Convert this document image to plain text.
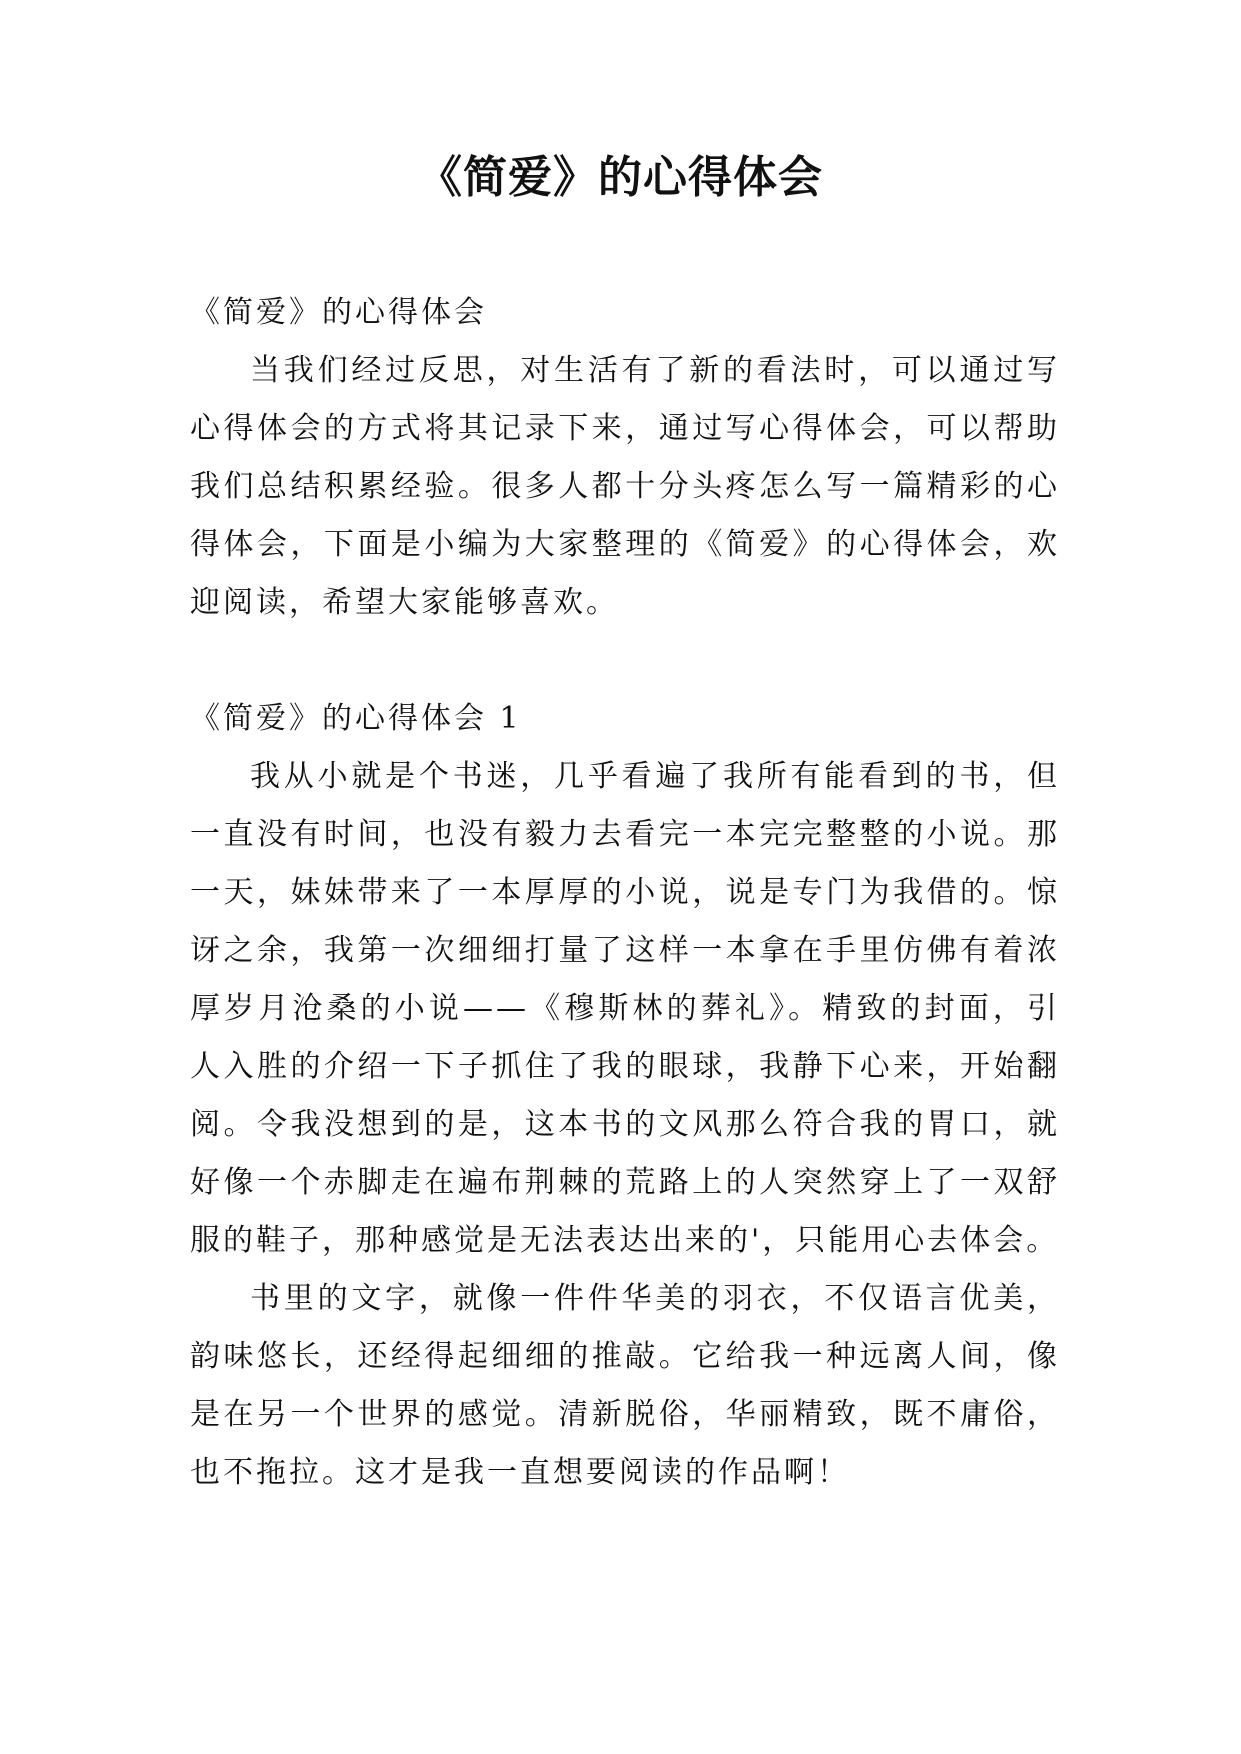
《简爱》的心得体会

《简爱》的心得体会

当我们经过反思，对生活有了新的看法时，可以通过写心得体会的方式将其记录下来，通过写心得体会，可以帮助我们总结积累经验。很多人都十分头疼怎么写一篇精彩的心得体会，下面是小编为大家整理的《简爱》的心得体会，欢迎阅读，希望大家能够喜欢。

《简爱》的心得体会 1

我从小就是个书迷，几乎看遍了我所有能看到的书，但一直没有时间，也没有毅力去看完一本完完整整的小说。那一天，妹妹带来了一本厚厚的小说，说是专门为我借的。惊讶之余，我第一次细细打量了这样一本拿在手里仿佛有着浓厚岁月沧桑的小说——《穆斯林的葬礼》。精致的封面，引人入胜的介绍一下子抓住了我的眼球，我静下心来，开始翻阅。令我没想到的是，这本书的文风那么符合我的胃口，就好像一个赤脚走在遍布荆棘的荒路上的人突然穿上了一双舒服的鞋子，那种感觉是无法表达出来的'，只能用心去体会。

书里的文字，就像一件件华美的羽衣，不仅语言优美，韵味悠长，还经得起细细的推敲。它给我一种远离人间，像是在另一个世界的感觉。清新脱俗，华丽精致，既不庸俗，也不拖拉。这才是我一直想要阅读的作品啊！
